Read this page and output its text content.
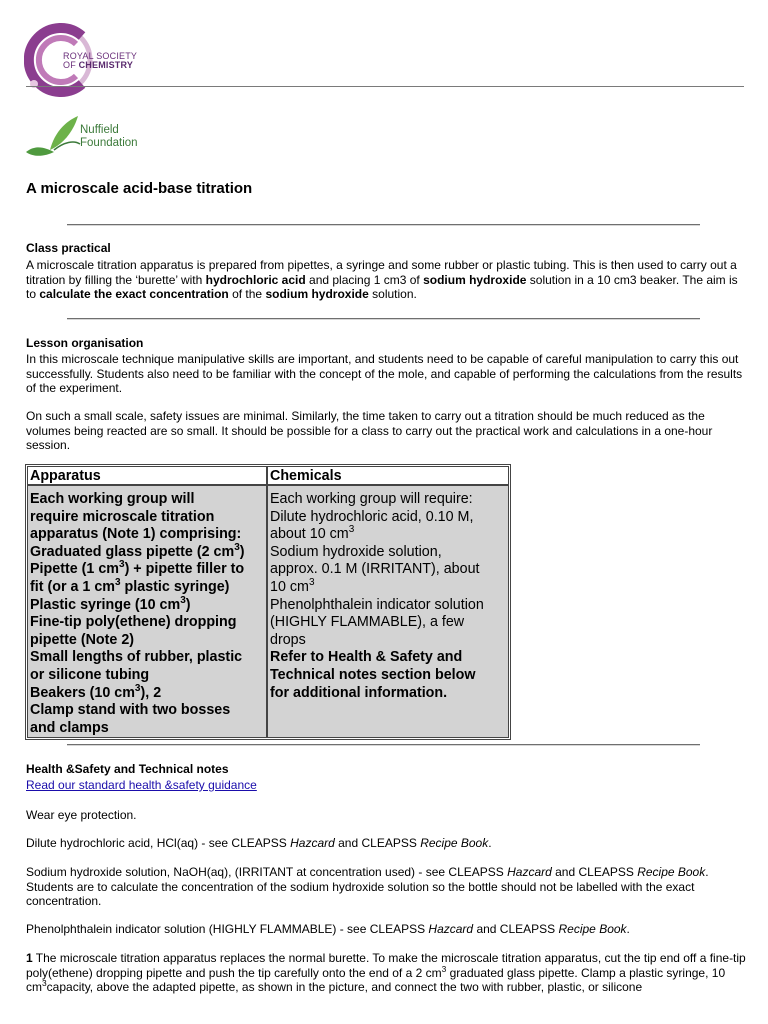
ROYAL SOCIETY
OF CHEMISTRY
Nuffield
Foundation
A microscale acid-base titration
Class practical
A microscale titration apparatus is prepared from pipettes, a syringe and some rubber or plastic tubing. This is then used to carry out a titration by filling the ‘burette’ with hydrochloric acid and placing 1 cm3 of sodium hydroxide solution in a 10 cm3 beaker. The aim is to calculate the exact concentration of the sodium hydroxide solution.
Lesson organisation
In this microscale technique manipulative skills are important, and students need to be capable of careful manipulation to carry this out successfully. Students also need to be familiar with the concept of the mole, and capable of performing the calculations from the results of the experiment.
On such a small scale, safety issues are minimal. Similarly, the time taken to carry out a titration should be much reduced as the volumes being reacted are so small. It should be possible for a class to carry out the practical work and calculations in a one-hour session.
Apparatus	Chemicals
Each working group will
require microscale titration
apparatus (Note 1) comprising:
Graduated glass pipette (2 $cm^3$)
Pipette (1 $cm^3$) + pipette filler to
fit (or a 1 $cm^3$ plastic syringe)
Plastic syringe (10 $cm^3$)
Fine-tip poly(ethene) dropping
pipette (Note 2)
Small lengths of rubber, plastic
or silicone tubing
Beakers (10 $cm^3$), 2
Clamp stand with two bosses
and clamps
Each working group will require:
Dilute hydrochloric acid, 0.10 M,
about 10 $cm^3$
Sodium hydroxide solution,
approx. 0.1 M (IRRITANT), about
10 $cm^3$
Phenolphthalein indicator solution
(HIGHLY FLAMMABLE), a few
drops
Refer to Health & Safety and
Technical notes section below
for additional information.
Health &Safety and Technical notes
Read our standard health &safety guidance
Wear eye protection.
Dilute hydrochloric acid, HCl(aq) - see CLEAPSS Hazcard and CLEAPSS Recipe Book.
Sodium hydroxide solution, NaOH(aq), (IRRITANT at concentration used) - see CLEAPSS Hazcard and CLEAPSS Recipe Book. Students are to calculate the concentration of the sodium hydroxide solution so the bottle should not be labelled with the exact concentration.
Phenolphthalein indicator solution (HIGHLY FLAMMABLE) - see CLEAPSS Hazcard and CLEAPSS Recipe Book.
1 The microscale titration apparatus replaces the normal burette. To make the microscale titration apparatus, cut the tip end off a fine-tip poly(ethene) dropping pipette and push the tip carefully onto the end of a 2 $cm^3$ graduated glass pipette. Clamp a plastic syringe, 10 $cm^3capacity$, above the adapted pipette, as shown in the picture, and connect the two with rubber, plastic, or silicone
